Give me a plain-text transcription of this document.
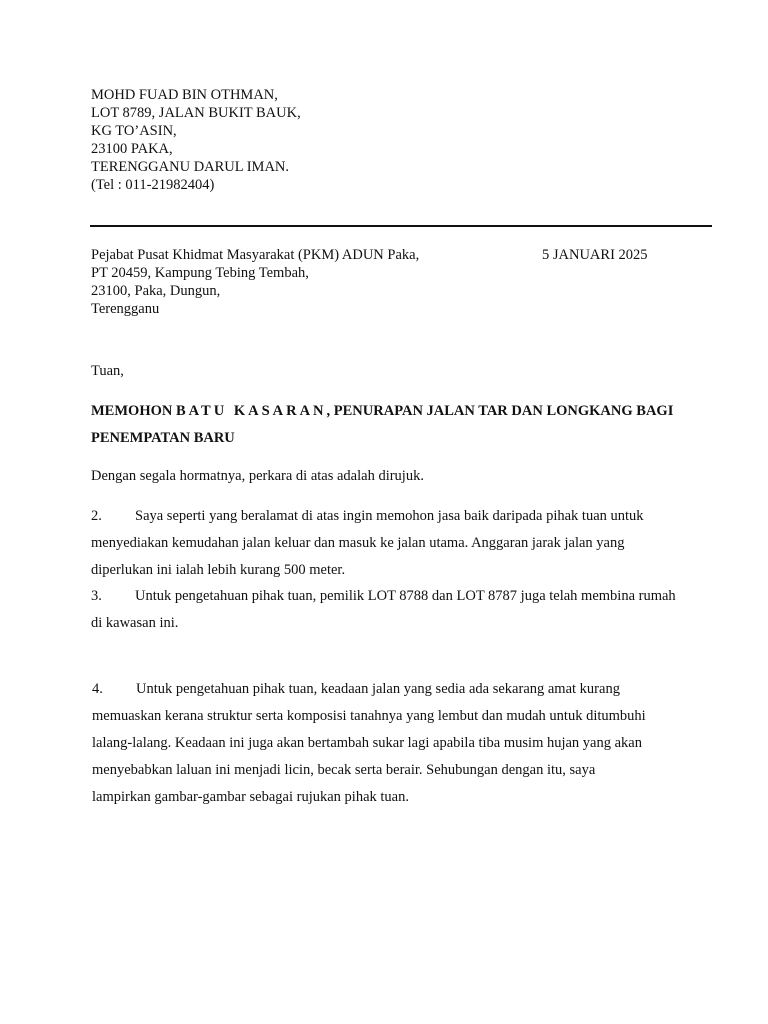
MOHD FUAD BIN OTHMAN,
LOT 8789, JALAN BUKIT BAUK,
KG TO’ASIN,
23100 PAKA,
TERENGGANU DARUL IMAN.
(Tel : 011-21982404)
Pejabat Pusat Khidmat Masyarakat (PKM) ADUN Paka,
PT 20459, Kampung Tebing Tembah,
23100, Paka, Dungun,
Terengganu
5 JANUARI 2025
Tuan,
MEMOHON BATU KASARAN, PENURAPAN JALAN TAR DAN LONGKANG BAGI
PENEMPATAN BARU
Dengan segala hormatnya, perkara di atas adalah dirujuk.
2. Saya seperti yang beralamat di atas ingin memohon jasa baik daripada pihak tuan untuk
menyediakan kemudahan jalan keluar dan masuk ke jalan utama. Anggaran jarak jalan yang
diperlukan ini ialah lebih kurang 500 meter.
3. Untuk pengetahuan pihak tuan, pemilik LOT 8788 dan LOT 8787 juga telah membina rumah
di kawasan ini.
4. Untuk pengetahuan pihak tuan, keadaan jalan yang sedia ada sekarang amat kurang
memuaskan kerana struktur serta komposisi tanahnya yang lembut dan mudah untuk ditumbuhi
lalang-lalang. Keadaan ini juga akan bertambah sukar lagi apabila tiba musim hujan yang akan
menyebabkan laluan ini menjadi licin, becak serta berair. Sehubungan dengan itu, saya
lampirkan gambar-gambar sebagai rujukan pihak tuan.
